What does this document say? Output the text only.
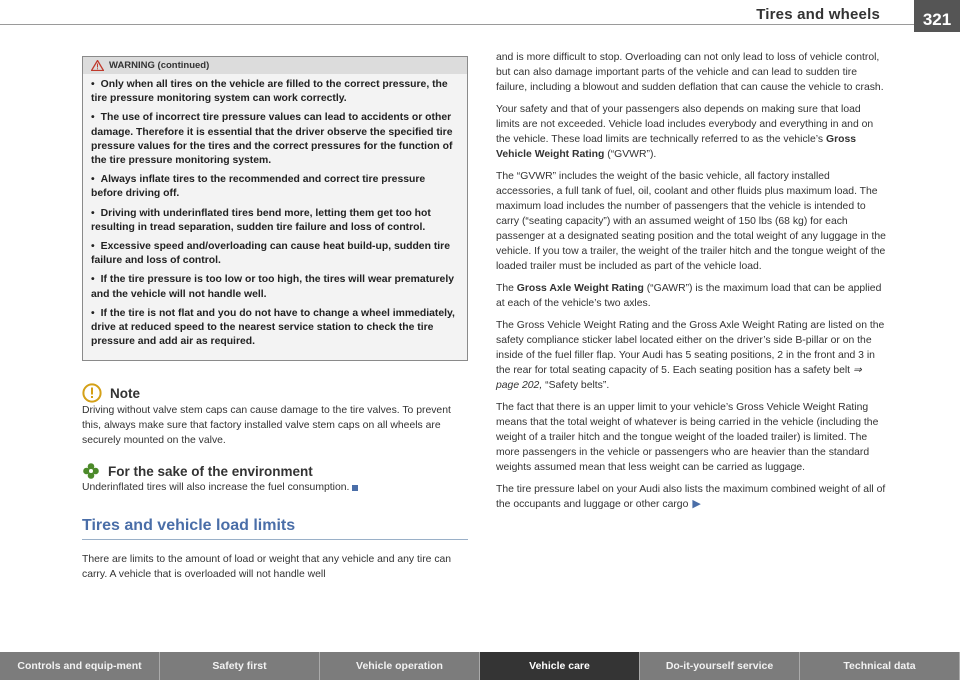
Tires and wheels	321
WARNING (continued)

• Only when all tires on the vehicle are filled to the correct pressure, the tire pressure monitoring system can work correctly.

• The use of incorrect tire pressure values can lead to accidents or other damage. Therefore it is essential that the driver observe the specified tire pressure values for the tires and the correct pressures for the function of the tire pressure monitoring system.

• Always inflate tires to the recommended and correct tire pressure before driving off.

• Driving with underinflated tires bend more, letting them get too hot resulting in tread separation, sudden tire failure and loss of control.

• Excessive speed and/overloading can cause heat build-up, sudden tire failure and loss of control.

• If the tire pressure is too low or too high, the tires will wear prematurely and the vehicle will not handle well.

• If the tire is not flat and you do not have to change a wheel immediately, drive at reduced speed to the nearest service station to check the tire pressure and add air as required.

Note

Driving without valve stem caps can cause damage to the tire valves. To prevent this, always make sure that factory installed valve stem caps on all wheels are securely mounted on the valve.

For the sake of the environment

Underinflated tires will also increase the fuel consumption.

Tires and vehicle load limits

There are limits to the amount of load or weight that any vehicle and any tire can carry. A vehicle that is overloaded will not handle well

and is more difficult to stop. Overloading can not only lead to loss of vehicle control, but can also damage important parts of the vehicle and can lead to sudden tire failure, including a blowout and sudden deflation that can cause the vehicle to crash.

Your safety and that of your passengers also depends on making sure that load limits are not exceeded. Vehicle load includes everybody and everything in and on the vehicle. These load limits are technically referred to as the vehicle’s Gross Vehicle Weight Rating (“GVWR”).

The “GVWR” includes the weight of the basic vehicle, all factory installed accessories, a full tank of fuel, oil, coolant and other fluids plus maximum load. The maximum load includes the number of passengers that the vehicle is intended to carry (“seating capacity”) with an assumed weight of 150 lbs (68 kg) for each passenger at a designated seating position and the total weight of any luggage in the vehicle. If you tow a trailer, the weight of the trailer hitch and the tongue weight of the loaded trailer must be included as part of the vehicle load.

The Gross Axle Weight Rating (“GAWR”) is the maximum load that can be applied at each of the vehicle’s two axles.

The Gross Vehicle Weight Rating and the Gross Axle Weight Rating are listed on the safety compliance sticker label located either on the driver’s side B-pillar or on the inside of the fuel filler flap. Your Audi has 5 seating positions, 2 in the front and 3 in the rear for total seating capacity of 5. Each seating position has a safety belt ⇒ page 202, “Safety belts”.

The fact that there is an upper limit to your vehicle’s Gross Vehicle Weight Rating means that the total weight of whatever is being carried in the vehicle (including the weight of a trailer hitch and the tongue weight of the loaded trailer) is limited. The more passengers in the vehicle or passengers who are heavier than the standard weights assumed mean that less weight can be carried as luggage.

The tire pressure label on your Audi also lists the maximum combined weight of all of the occupants and luggage or other cargo ▶

Controls and equip-ment	Safety first	Vehicle operation	Vehicle care	Do-it-yourself service	Technical data
